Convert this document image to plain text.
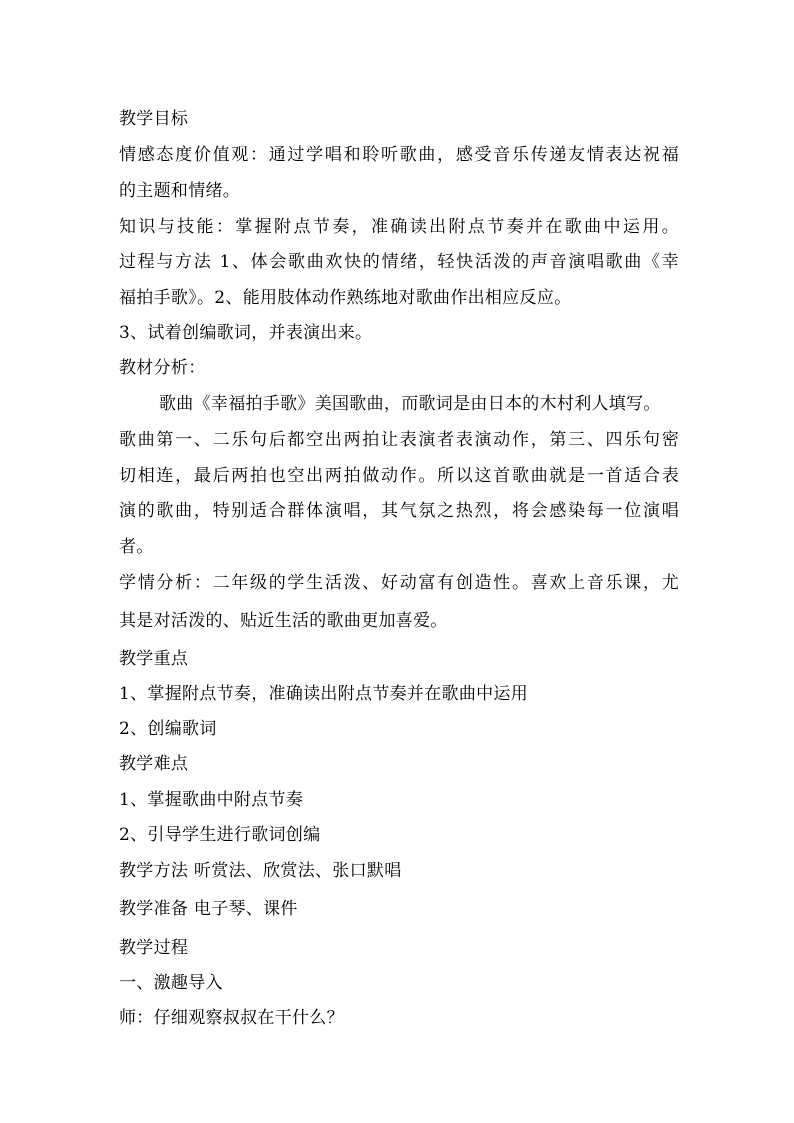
教学目标
情感态度价值观：通过学唱和聆听歌曲，感受音乐传递友情表达祝福
的主题和情绪。
知识与技能：掌握附点节奏，准确读出附点节奏并在歌曲中运用。
过程与方法 1、体会歌曲欢快的情绪，轻快活泼的声音演唱歌曲《幸
福拍手歌》。2、能用肢体动作熟练地对歌曲作出相应反应。
3、试着创编歌词，并表演出来。
教材分析：
歌曲《幸福拍手歌》美国歌曲，而歌词是由日本的木村利人填写。
歌曲第一、二乐句后都空出两拍让表演者表演动作，第三、四乐句密
切相连，最后两拍也空出两拍做动作。所以这首歌曲就是一首适合表
演的歌曲，特别适合群体演唱，其气氛之热烈，将会感染每一位演唱
者。
学情分析：二年级的学生活泼、好动富有创造性。喜欢上音乐课，尤
其是对活泼的、贴近生活的歌曲更加喜爱。
教学重点
1、掌握附点节奏，准确读出附点节奏并在歌曲中运用
2、创编歌词
教学难点
1、掌握歌曲中附点节奏
2、引导学生进行歌词创编
教学方法 听赏法、欣赏法、张口默唱
教学准备 电子琴、课件
教学过程
一、激趣导入
师：仔细观察叔叔在干什么？
